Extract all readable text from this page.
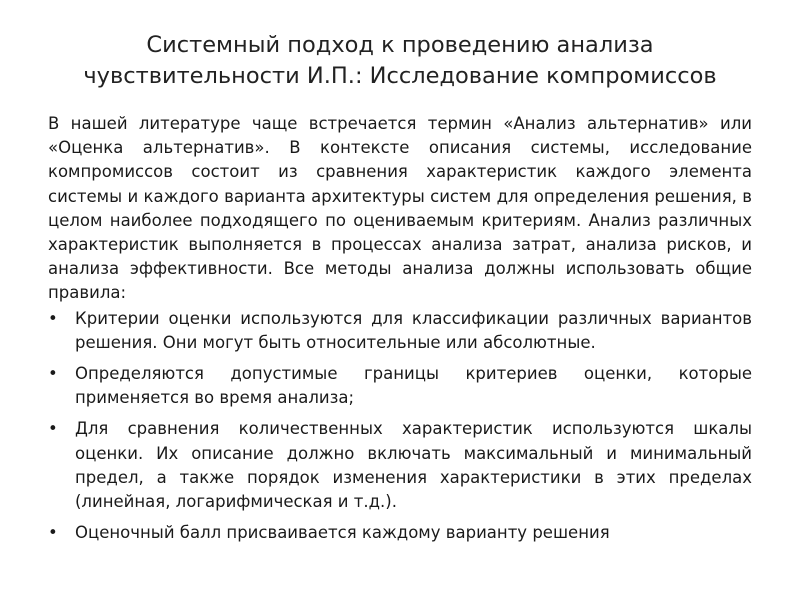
Системный подход к проведению анализа чувствительности И.П.: Исследование компромиссов

В нашей литературе чаще встречается термин «Анализ альтернатив» или «Оценка альтернатив». В контексте описания системы, исследование компромиссов состоит из сравнения характеристик каждого элемента системы и каждого варианта архитектуры систем для определения решения, в целом наиболее подходящего по оцениваемым критериям. Анализ различных характеристик выполняется в процессах анализа затрат, анализа рисков, и анализа эффективности. Все методы анализа должны использовать общие правила:

• Критерии оценки используются для классификации различных вариантов решения. Они могут быть относительные или абсолютные.
• Определяются допустимые границы критериев оценки, которые применяется во время анализа;
• Для сравнения количественных характеристик используются шкалы оценки. Их описание должно включать максимальный и минимальный предел, а также порядок изменения характеристики в этих пределах (линейная, логарифмическая и т.д.).
• Оценочный балл присваивается каждому варианту решения
